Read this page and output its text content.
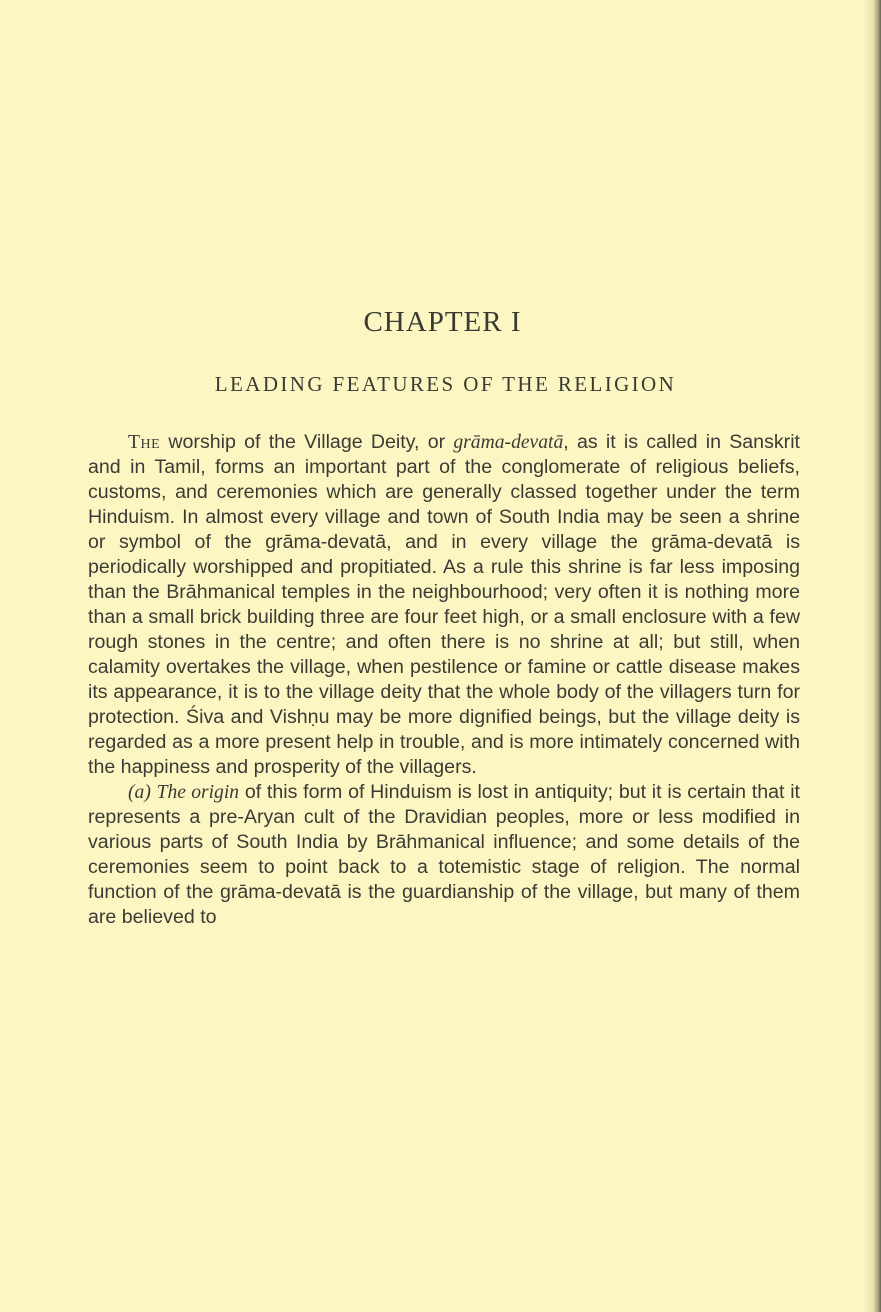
CHAPTER I
LEADING FEATURES OF THE RELIGION

The worship of the Village Deity, or grāma-devatā, as it is called in Sanskrit and in Tamil, forms an important part of the conglomerate of religious beliefs, customs, and ceremonies which are generally classed together under the term Hinduism. In almost every village and town of South India may be seen a shrine or symbol of the grāma-devatā, and in every village the grāma-devatā is periodically worshipped and propitiated. As a rule this shrine is far less imposing than the Brāhmanical temples in the neighbourhood; very often it is nothing more than a small brick building three are four feet high, or a small enclosure with a few rough stones in the centre; and often there is no shrine at all; but still, when calamity overtakes the village, when pestilence or famine or cattle disease makes its appearance, it is to the village deity that the whole body of the villagers turn for protection. Śiva and Vishṇu may be more dignified beings, but the village deity is regarded as a more present help in trouble, and is more intimately concerned with the happiness and prosperity of the villagers.

(a) The origin of this form of Hinduism is lost in antiquity; but it is certain that it represents a pre-Aryan cult of the Dravidian peoples, more or less modified in various parts of South India by Brāhmanical influence; and some details of the ceremonies seem to point back to a totemistic stage of religion. The normal function of the grāma-devatā is the guardianship of the village, but many of them are believed to
